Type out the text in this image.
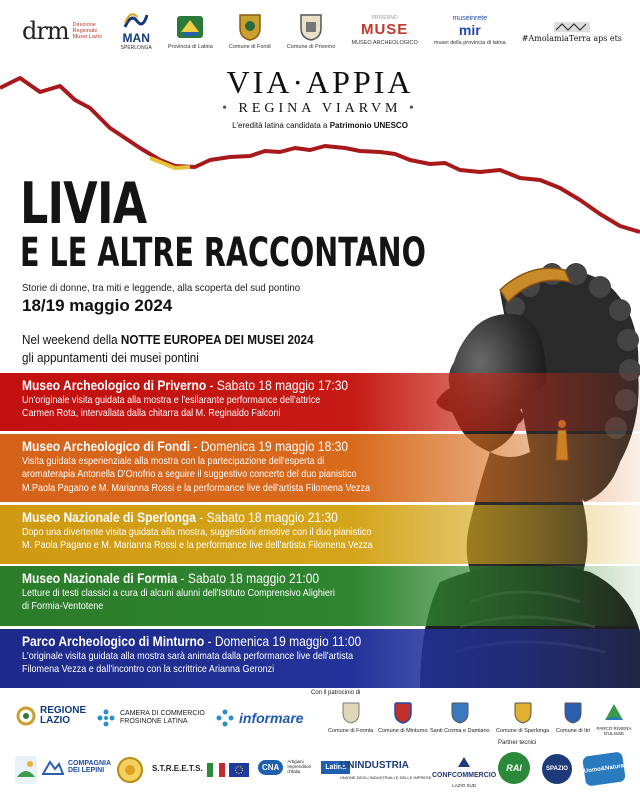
drm Direzione Regionale Musei Lazio MAN
SPERLONGA	Provincia di Latina	Comune di Fondi	Comune di Priverno
PRIVERNO
MUSE
MUSEO ARCHEOLOGICO
museinrete
mir
musei della provincia di latina
#AmolamiaTerra aps ets
VIA·APPIA
• REGINA VIARVM •
L'eredità latina candidata a Patrimonio UNESCO
LIVIA
E LE ALTRE RACCONTANO
Storie di donne, tra miti e leggende, alla scoperta del sud pontino
18/19 maggio 2024
Nel weekend della NOTTE EUROPEA DEI MUSEI 2024
gli appuntamenti dei musei pontini
Museo Archeologico di Priverno - Sabato 18 maggio 17:30
Un'originale visita guidata alla mostra e l'esilarante performance dell'attrice
Carmen Rota, intervallata dalla chitarra dal M. Reginaldo Falconi
Museo Archeologico di Fondi - Domenica 19 maggio 18:30
Visita guidata esperienziale alla mostra con la partecipazione dell'esperta di
aromaterapia Antonella D'Onofrio a seguire il suggestivo concerto del duo pianistico
M.Paola Pagano e M. Marianna Rossi e la performance live dell'artista Filomena Vezza
Museo Nazionale di Sperlonga - Sabato 18 maggio 21:30
Dopo una divertente visita guidata alla mostra, suggestioni emotive con il duo pianistico
M. Paola Pagano e M. Marianna Rossi e la performance live dell'artista Filomena Vezza
Museo Nazionale di Formia - Sabato 18 maggio 21:00
Letture di testi classici a cura di alcuni alunni dell'Istituto Comprensivo Alighieri
di Formia-Ventotene
Parco Archeologico di Minturno - Domenica 19 maggio 11:00
L'originale visita guidata alla mostra sarà animata dalla performance live dell'artista
Filomena Vezza e dall'incontro con la scrittrice Arianna Geronzi
Con il patrocinio di
REGIONE
LAZIO
CAMERA DI COMMERCIO
FROSINONE LATINA	informare
Comune di Formia Comune di Minturno Santi Cosma e Damiano Comune di Sperlonga Comune di Itri PARCO RIVIERA D'ULISSE
Partner tecnici
COMPAGNIA DEI LEPINI	S.T.R.E.E.T.S.	CNA
Artigiani Imprenditori d'Italia
Latina
UNINDUSTRIA
UNIONE DEGLI INDUSTRIALI E DELLE IMPRESE CONFCOMMERCIO
LAZIO SUD
RAI	SPAZIO	Uomo&Natura
